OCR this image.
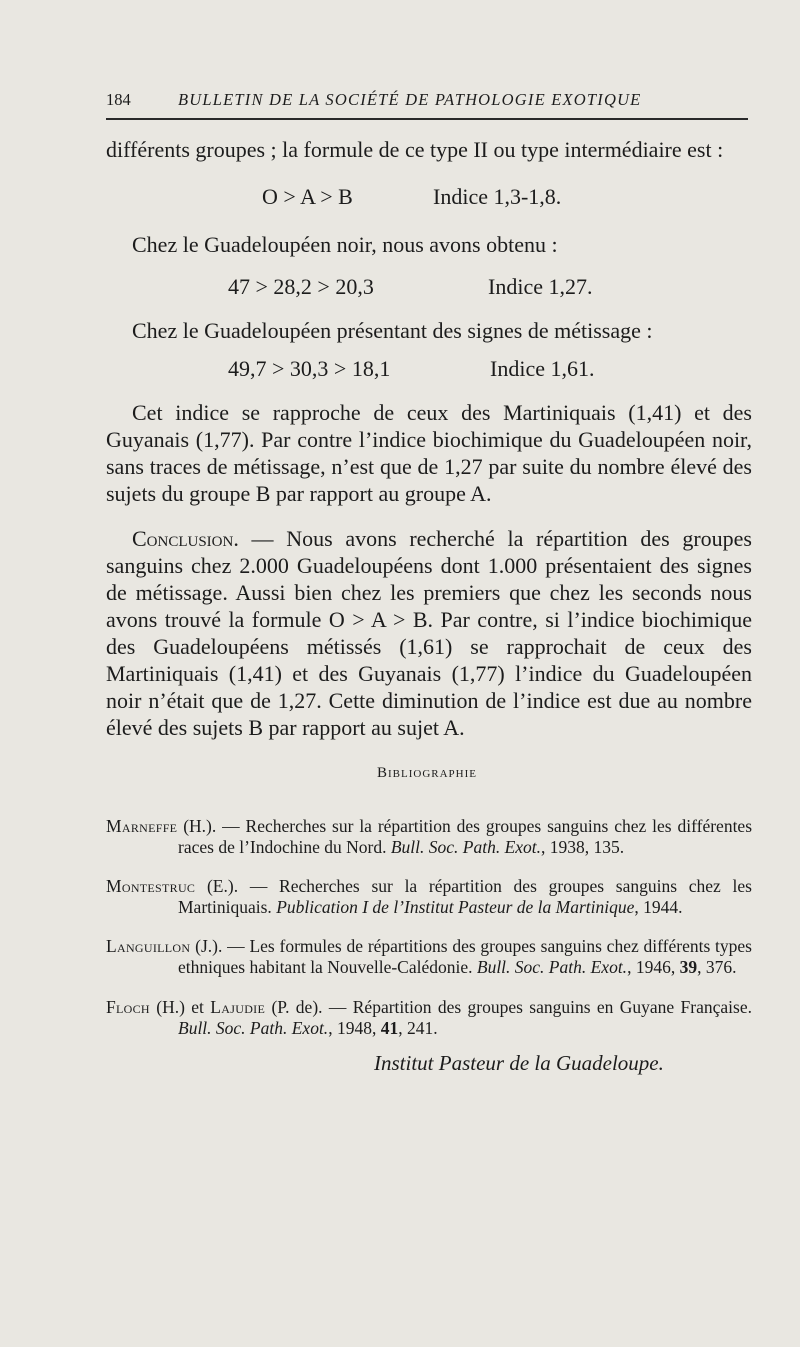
184	BULLETIN DE LA SOCIÉTÉ DE PATHOLOGIE EXOTIQUE
différents groupes ; la formule de ce type II ou type intermédiaire est :
O > A > B	Indice 1,3-1,8.
Chez le Guadeloupéen noir, nous avons obtenu :
47 > 28,2 > 20,3	Indice 1,27.
Chez le Guadeloupéen présentant des signes de métissage :
49,7 > 30,3 > 18,1	Indice 1,61.
Cet indice se rapproche de ceux des Martiniquais (1,41) et des Guyanais (1,77). Par contre l’indice biochimique du Guadeloupéen noir, sans traces de métissage, n’est que de 1,27 par suite du nombre élevé des sujets du groupe B par rapport au groupe A.
Conclusion. — Nous avons recherché la répartition des groupes sanguins chez 2.000 Guadeloupéens dont 1.000 présentaient des signes de métissage. Aussi bien chez les premiers que chez les seconds nous avons trouvé la formule O > A > B. Par contre, si l’indice biochimique des Guadeloupéens métissés (1,61) se rapprochait de ceux des Martiniquais (1,41) et des Guyanais (1,77) l’indice du Guadeloupéen noir n’était que de 1,27. Cette diminution de l’indice est due au nombre élevé des sujets B par rapport au sujet A.
Bibliographie
Marneffe (H.). — Recherches sur la répartition des groupes sanguins chez les différentes races de l’Indochine du Nord. Bull. Soc. Path. Exot., 1938, 135.
Montestruc (E.). — Recherches sur la répartition des groupes sanguins chez les Martiniquais. Publication I de l’Institut Pasteur de la Martinique, 1944.
Languillon (J.). — Les formules de répartitions des groupes sanguins chez différents types ethniques habitant la Nouvelle-Calédonie. Bull. Soc. Path. Exot., 1946, 39, 376.
Floch (H.) et Lajudie (P. de). — Répartition des groupes sanguins en Guyane Française. Bull. Soc. Path. Exot., 1948, 41, 241.
Institut Pasteur de la Guadeloupe.
